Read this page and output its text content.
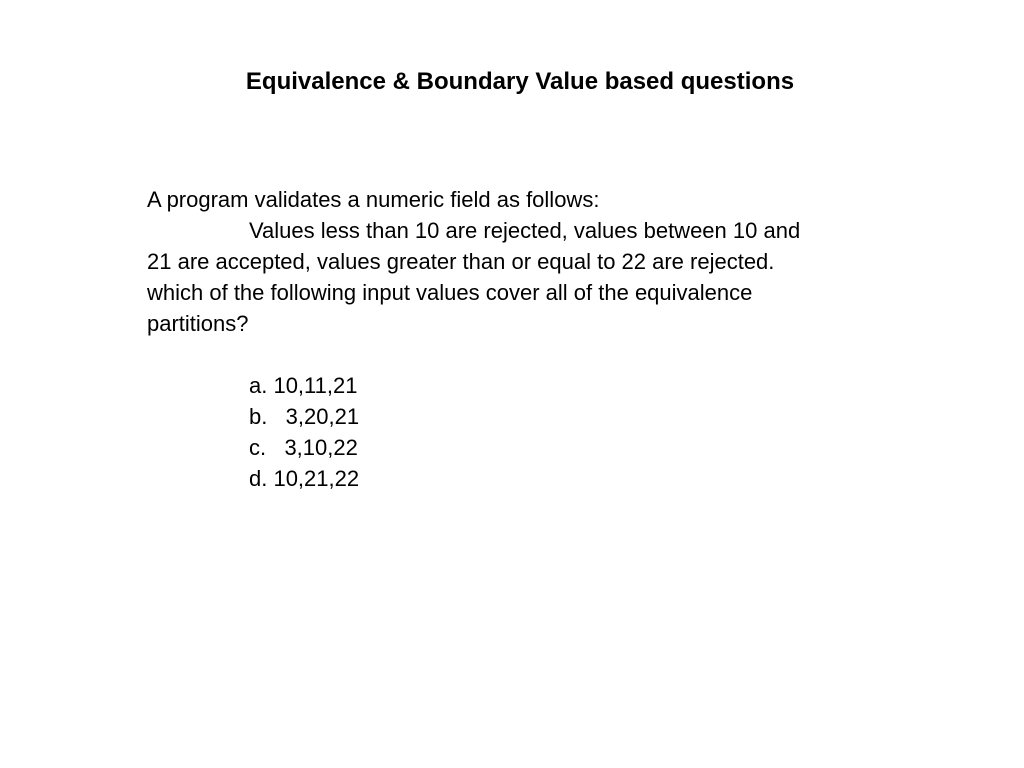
Equivalence & Boundary Value based questions
A program validates a numeric field as follows:
Values less than 10 are rejected, values between 10 and
21 are accepted, values greater than or equal to 22 are rejected.
which of the following input values cover all of the equivalence
partitions?
a. 10,11,21
b.   3,20,21
c.   3,10,22
d. 10,21,22
